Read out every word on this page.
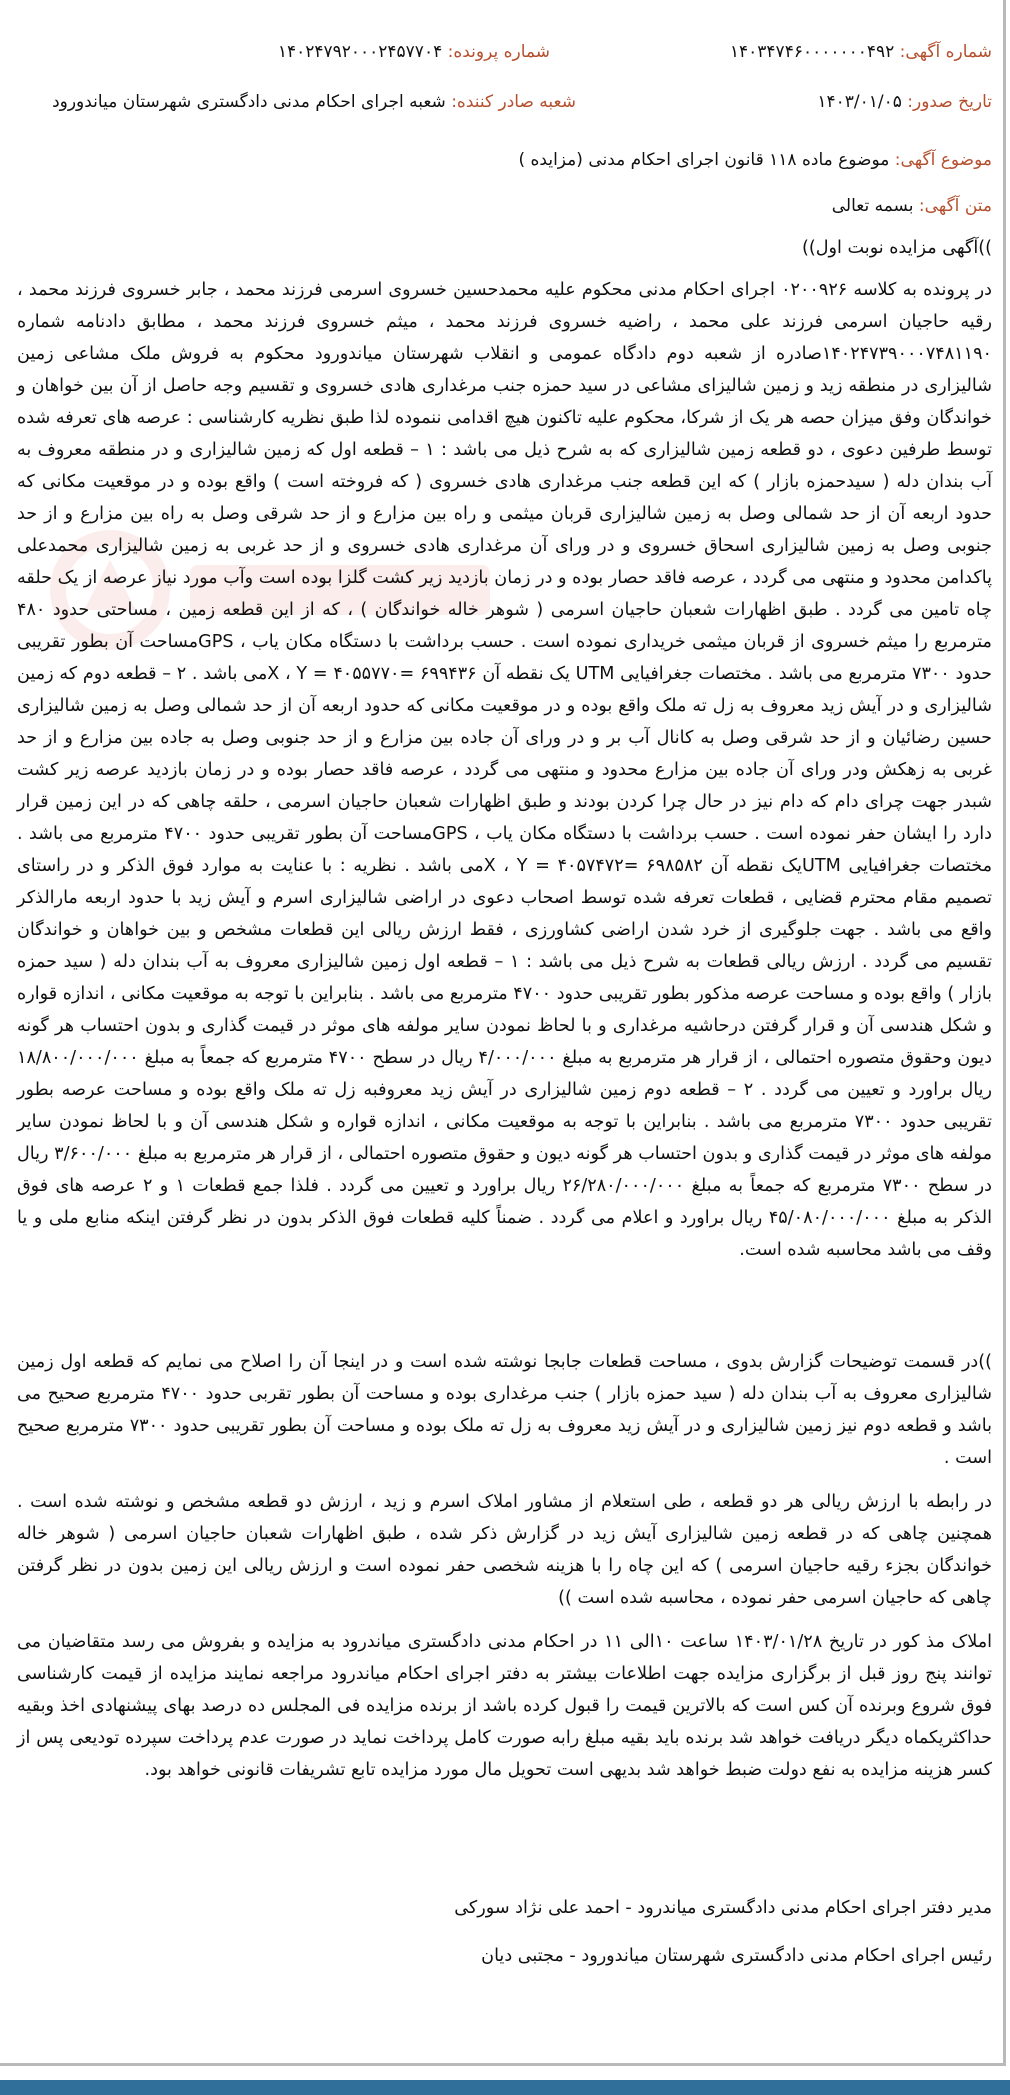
شماره آگهی: ۱۴۰۳۴۷۴۶۰۰۰۰۰۰۰۴۹۲
شماره پرونده: ۱۴۰۲۴۷۹۲۰۰۰۲۴۵۷۷۰۴
تاریخ صدور: ۱۴۰۳/۰۱/۰۵
شعبه صادر کننده: شعبه اجرای احکام مدنی دادگستری شهرستان میاندورود
موضوع آگهی: موضوع ماده ۱۱۸ قانون اجرای احکام مدنی (مزایده )
متن آگهی: بسمه تعالی
))آگهی مزایده نوبت اول))

در پرونده به کلاسه ۰۲۰۰۹۲۶ اجرای احکام مدنی محکوم علیه محمدحسین خسروی اسرمی فرزند محمد ، جابر خسروی فرزند محمد ، رقیه حاجیان اسرمی فرزند علی محمد ، راضیه خسروی فرزند محمد ، میثم خسروی فرزند محمد ، مطابق دادنامه شماره ۱۴۰۲۴۷۳۹۰۰۰۷۴۸۱۱۹۰صادره از شعبه دوم دادگاه عمومی و انقلاب شهرستان میاندورود محکوم به فروش ملک مشاعی زمین شالیزاری در منطقه زید و زمین شالیزای مشاعی در سید حمزه جنب مرغداری هادی خسروی و تقسیم وجه حاصل از آن بین خواهان و خواندگان وفق میزان حصه هر یک از شرکا، محکوم علیه تاکنون هیچ اقدامی ننموده لذا طبق نظریه کارشناسی : عرصه های تعرفه شده توسط طرفین دعوی ، دو قطعه زمین شالیزاری که به شرح ذیل می باشد : ۱ – قطعه اول که زمین شالیزاری و در منطقه معروف به آب بندان دله ( سیدحمزه بازار ) که این قطعه جنب مرغداری هادی خسروی ( که فروخته است ) واقع بوده و در موقعیت مکانی که حدود اربعه آن از حد شمالی وصل به زمین شالیزاری قربان میثمی و راه بین مزارع و از حد شرقی وصل به راه بین مزارع و از حد جنوبی وصل به زمین شالیزاری اسحاق خسروی و در ورای آن مرغداری هادی خسروی و از حد غربی به زمین شالیزاری محمدعلی پاکدامن محدود و منتهی می گردد ، عرصه فاقد حصار بوده و در زمان بازدید زیر کشت گلزا بوده است وآب مورد نیاز عرصه از یک حلقه چاه تامین می گردد . طبق اظهارات شعبان حاجیان اسرمی ( شوهر خاله خواندگان ) ، که از این قطعه زمین ، مساحتی حدود ۴۸۰ مترمربع را میثم خسروی از قربان میثمی خریداری نموده است . حسب برداشت با دستگاه مکان یاب ، GPSمساحت آن بطور تقریبی حدود ۷۳۰۰ مترمربع می باشد . مختصات جغرافیایی UTM یک نقطه آن ۶۹۹۴۳۶ =X ، Y = ۴۰۵۵۷۷۰می باشد . ۲ – قطعه دوم که زمین شالیزاری و در آیش زید معروف به زل ته ملک واقع بوده و در موقعیت مکانی که حدود اربعه آن از حد شمالی وصل به زمین شالیزاری حسین رضائیان و از حد شرقی وصل به کانال آب بر و در ورای آن جاده بین مزارع و از حد جنوبی وصل به جاده بین مزارع و از حد غربی به زهکش ودر ورای آن جاده بین مزارع محدود و منتهی می گردد ، عرصه فاقد حصار بوده و در زمان بازدید عرصه زیر کشت شبدر جهت چرای دام که دام نیز در حال چرا کردن بودند و طبق اظهارات شعبان حاجیان اسرمی ، حلقه چاهی که در این زمین قرار دارد را ایشان حفر نموده است . حسب برداشت با دستگاه مکان یاب ، GPSمساحت آن بطور تقریبی حدود ۴۷۰۰ مترمربع می باشد . مختصات جغرافیایی UTMیک نقطه آن ۶۹۸۵۸۲ =X ، Y = ۴۰۵۷۴۷۲می باشد . نظریه : با عنایت به موارد فوق الذکر و در راستای تصمیم مقام محترم قضایی ، قطعات تعرفه شده توسط اصحاب دعوی در اراضی شالیزاری اسرم و آیش زید با حدود اربعه مارالذکر واقع می باشد . جهت جلوگیری از خرد شدن اراضی کشاورزی ، فقط ارزش ریالی این قطعات مشخص و بین خواهان و خواندگان تقسیم می گردد . ارزش ریالی قطعات به شرح ذیل می باشد : ۱ – قطعه اول زمین شالیزاری معروف به آب بندان دله ( سید حمزه بازار ) واقع بوده و مساحت عرصه مذکور بطور تقریبی حدود ۴۷۰۰ مترمربع می باشد . بنابراین با توجه به موقعیت مکانی ، اندازه قواره و شکل هندسی آن و قرار گرفتن درحاشیه مرغداری و با لحاظ نمودن سایر مولفه های موثر در قیمت گذاری و بدون احتساب هر گونه دیون وحقوق متصوره احتمالی ، از قرار هر مترمربع به مبلغ ۴/۰۰۰/۰۰۰ ریال در سطح ۴۷۰۰ مترمربع که جمعاً به مبلغ ۱۸/۸۰۰/۰۰۰/۰۰۰ ریال براورد و تعیین می گردد . ۲ – قطعه دوم زمین شالیزاری در آیش زید معروفبه زل ته ملک واقع بوده و مساحت عرصه بطور تقریبی حدود ۷۳۰۰ مترمربع می باشد . بنابراین با توجه به موقعیت مکانی ، اندازه قواره و شکل هندسی آن و با لحاظ نمودن سایر مولفه های موثر در قیمت گذاری و بدون احتساب هر گونه دیون و حقوق متصوره احتمالی ، از قرار هر مترمربع به مبلغ ۳/۶۰۰/۰۰۰ ریال در سطح ۷۳۰۰ مترمربع که جمعاً به مبلغ ۲۶/۲۸۰/۰۰۰/۰۰۰ ریال براورد و تعیین می گردد . فلذا جمع قطعات ۱ و ۲ عرصه های فوق الذکر به مبلغ ۴۵/۰۸۰/۰۰۰/۰۰۰ ریال براورد و اعلام می گردد . ضمناً کلیه قطعات فوق الذکر بدون در نظر گرفتن اینکه منابع ملی و یا وقف می باشد محاسبه شده است.

))در قسمت توضیحات گزارش بدوی ، مساحت قطعات جابجا نوشته شده است و در اینجا آن را اصلاح می نمایم که قطعه اول زمین شالیزاری معروف به آب بندان دله ( سید حمزه بازار ) جنب مرغداری بوده و مساحت آن بطور تقربی حدود ۴۷۰۰ مترمربع صحیح می باشد و قطعه دوم نیز زمین شالیزاری و در آیش زید معروف به زل ته ملک بوده و مساحت آن بطور تقریبی حدود ۷۳۰۰ مترمربع صحیح است .

در رابطه با ارزش ریالی هر دو قطعه ، طی استعلام از مشاور املاک اسرم و زید ، ارزش دو قطعه مشخص و نوشته شده است . همچنین چاهی که در قطعه زمین شالیزاری آیش زید در گزارش ذکر شده ، طبق اظهارات شعبان حاجیان اسرمی ( شوهر خاله خواندگان بجزء رقیه حاجیان اسرمی ) که این چاه را با هزینه شخصی حفر نموده است و ارزش ریالی این زمین بدون در نظر گرفتن چاهی که حاجیان اسرمی حفر نموده ، محاسبه شده است ))

املاک مذ کور در تاریخ ۱۴۰۳/۰۱/۲۸ ساعت ۱۰الی ۱۱ در احکام مدنی دادگستری میاندرود به مزایده و بفروش می رسد متقاضیان می توانند پنج روز قبل از برگزاری مزایده جهت اطلاعات بیشتر به دفتر اجرای احکام میاندرود مراجعه نمایند مزایده از قیمت کارشناسی فوق شروع وبرنده آن کس است که بالاترین قیمت را قبول کرده باشد از برنده مزایده فی المجلس ده درصد بهای پیشنهادی اخذ وبقیه حداکثریکماه دیگر دریافت خواهد شد برنده باید بقیه مبلغ رابه صورت کامل پرداخت نماید در صورت عدم پرداخت سپرده تودیعی پس از کسر هزینه مزایده به نفع دولت ضبط خواهد شد بدیهی است تحویل مال مورد مزایده تابع تشریفات قانونی خواهد بود.

مدیر دفتر اجرای احکام مدنی دادگستری میاندرود - احمد علی نژاد سورکی
رئیس اجرای احکام مدنی دادگستری شهرستان میاندورود - مجتبی دیان
